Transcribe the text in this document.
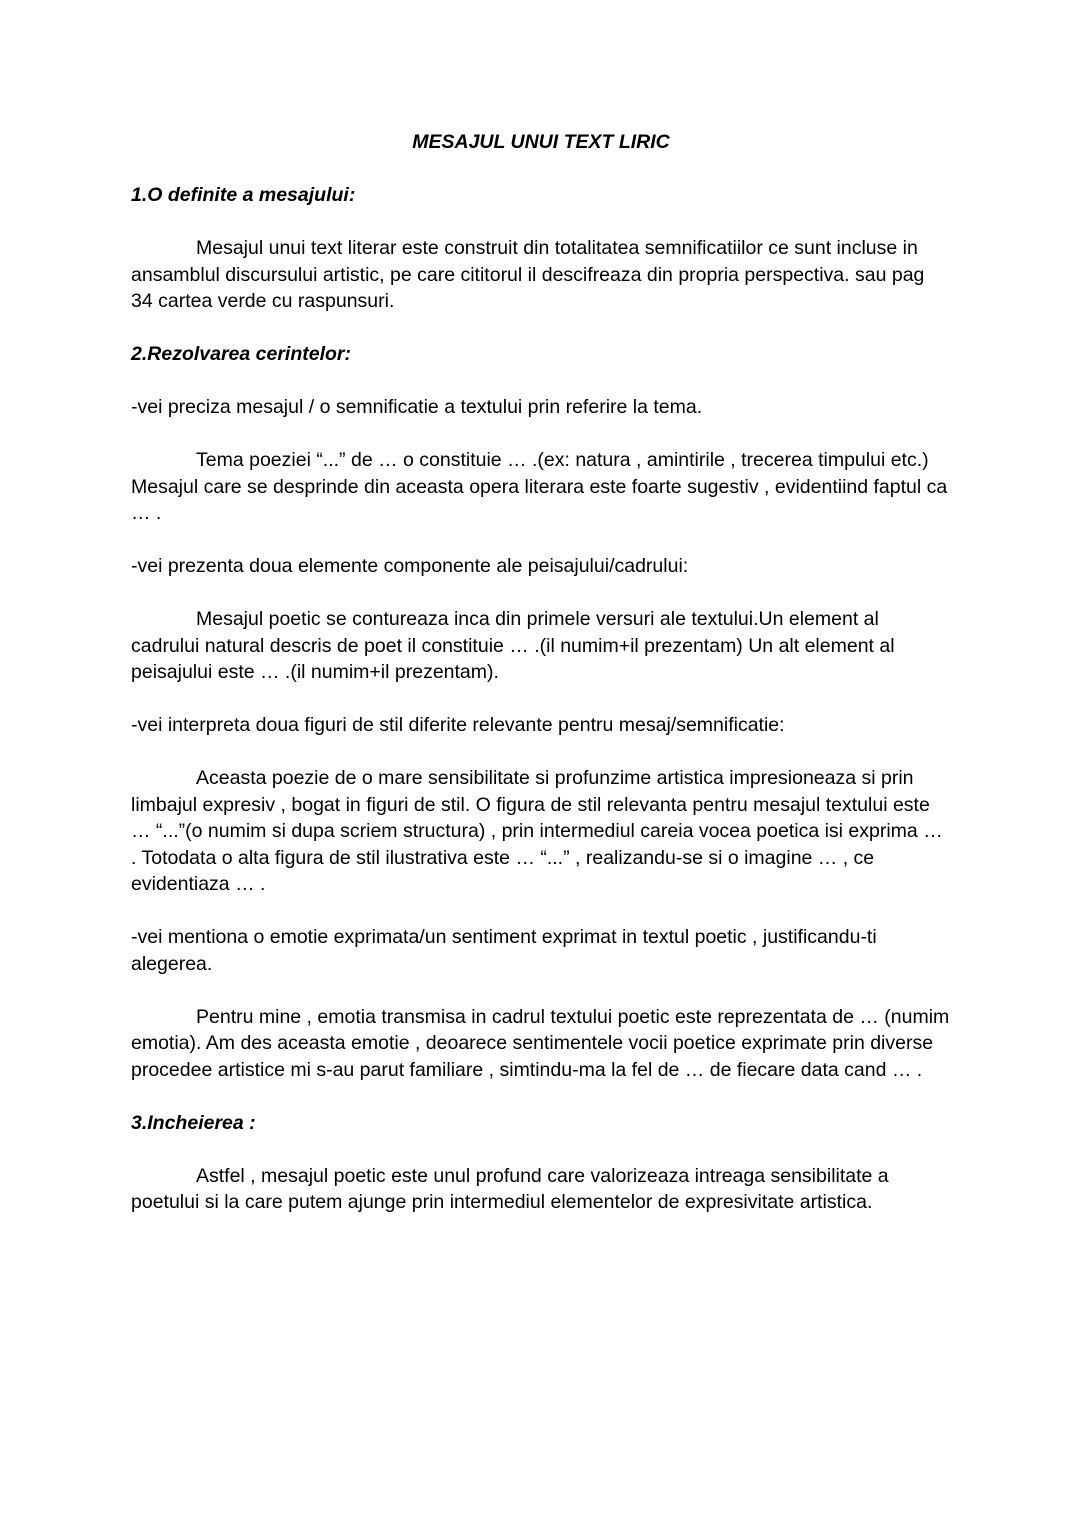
MESAJUL UNUI TEXT LIRIC
1.O definite a mesajului:

Mesajul unui text literar este construit din totalitatea semnificatiilor ce sunt incluse in ansamblul discursului artistic, pe care cititorul il descifreaza din propria perspectiva. sau pag 34 cartea verde cu raspunsuri.

2.Rezolvarea cerintelor:

-vei preciza mesajul / o semnificatie a textului prin referire la tema.

Tema poeziei “...” de … o constituie … .(ex: natura , amintirile , trecerea timpului etc.) Mesajul care se desprinde din aceasta opera literara este foarte sugestiv , evidentiind faptul ca … .

-vei prezenta doua elemente componente ale peisajului/cadrului:

Mesajul poetic se contureaza inca din primele versuri ale textului.Un element al cadrului natural descris de poet il constituie … .(il numim+il prezentam) Un alt element al peisajului este … .(il numim+il prezentam).

-vei interpreta doua figuri de stil diferite relevante pentru mesaj/semnificatie:

Aceasta poezie de o mare sensibilitate si profunzime artistica impresioneaza si prin limbajul expresiv , bogat in figuri de stil. O figura de stil relevanta pentru mesajul textului este … “...”(o numim si dupa scriem structura) , prin intermediul careia vocea poetica isi exprima … . Totodata o alta figura de stil ilustrativa este … “...” , realizandu-se si o imagine … , ce evidentiaza … .

-vei mentiona o emotie exprimata/un sentiment exprimat in textul poetic , justificandu-ti alegerea.

Pentru mine , emotia transmisa in cadrul textului poetic este reprezentata de … (numim emotia). Am des aceasta emotie , deoarece sentimentele vocii poetice exprimate prin diverse procedee artistice mi s-au parut familiare , simtindu-ma la fel de … de fiecare data cand … .

3.Incheierea :

Astfel , mesajul poetic este unul profund care valorizeaza intreaga sensibilitate a poetului si la care putem ajunge prin intermediul elementelor de expresivitate artistica.
